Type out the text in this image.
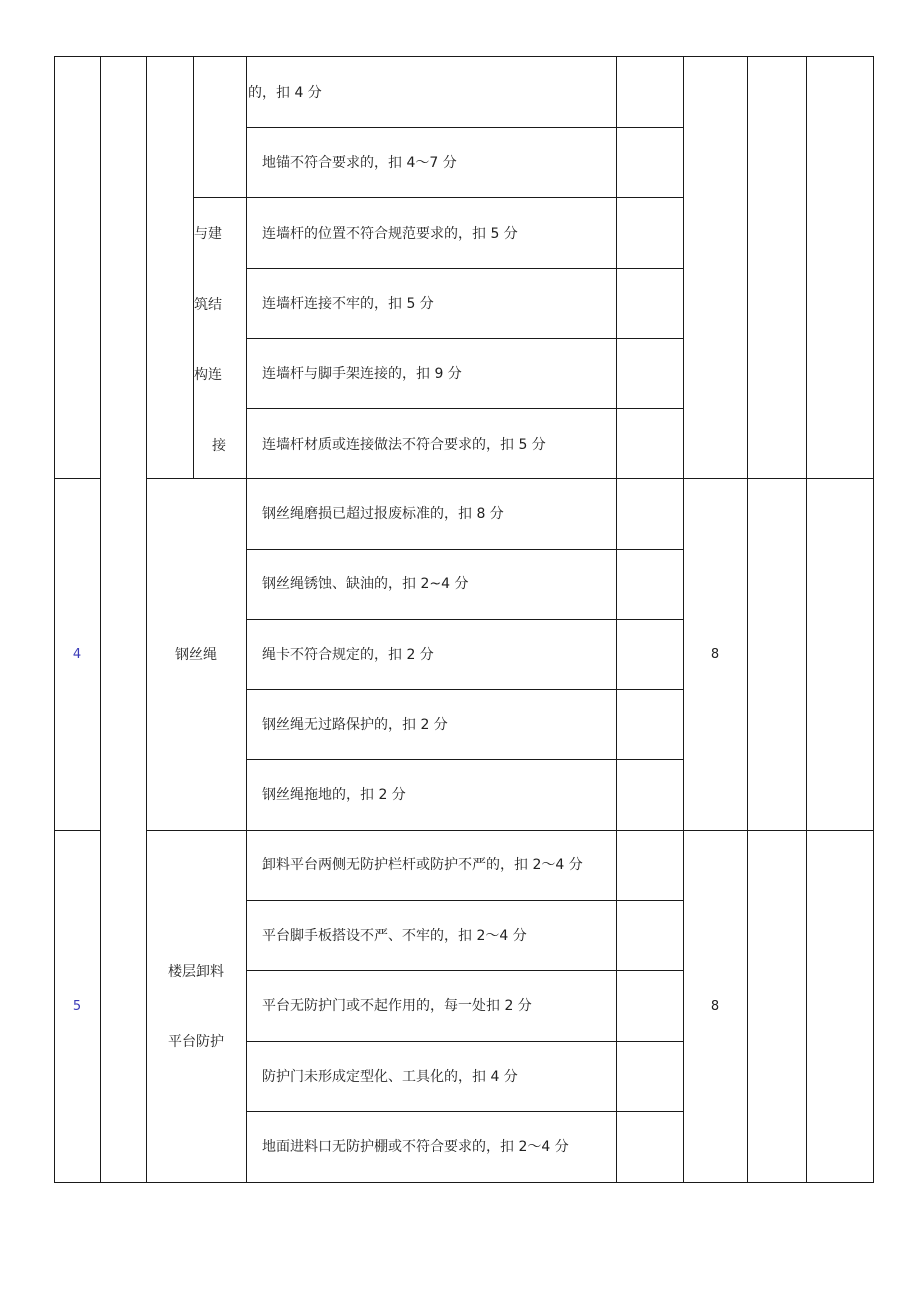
与建
筑结
构连
接
的，扣 4 分
地锚不符合要求的，扣 4～7 分
连墙杆的位置不符合规范要求的，扣 5 分
连墙杆连接不牢的，扣 5 分
连墙杆与脚手架连接的，扣 9 分
连墙杆材质或连接做法不符合要求的，扣 5 分
4	钢丝绳	8
钢丝绳磨损已超过报废标准的，扣 8 分
钢丝绳锈蚀、缺油的，扣 2~4 分
绳卡不符合规定的，扣 2 分
钢丝绳无过路保护的，扣 2 分
钢丝绳拖地的，扣 2 分
5
楼层卸料
平台防护
8
卸料平台两侧无防护栏杆或防护不严的，扣 2～4 分
平台脚手板搭设不严、不牢的，扣 2～4 分
平台无防护门或不起作用的，每一处扣 2 分
防护门未形成定型化、工具化的，扣 4 分
地面进料口无防护棚或不符合要求的，扣 2～4 分
